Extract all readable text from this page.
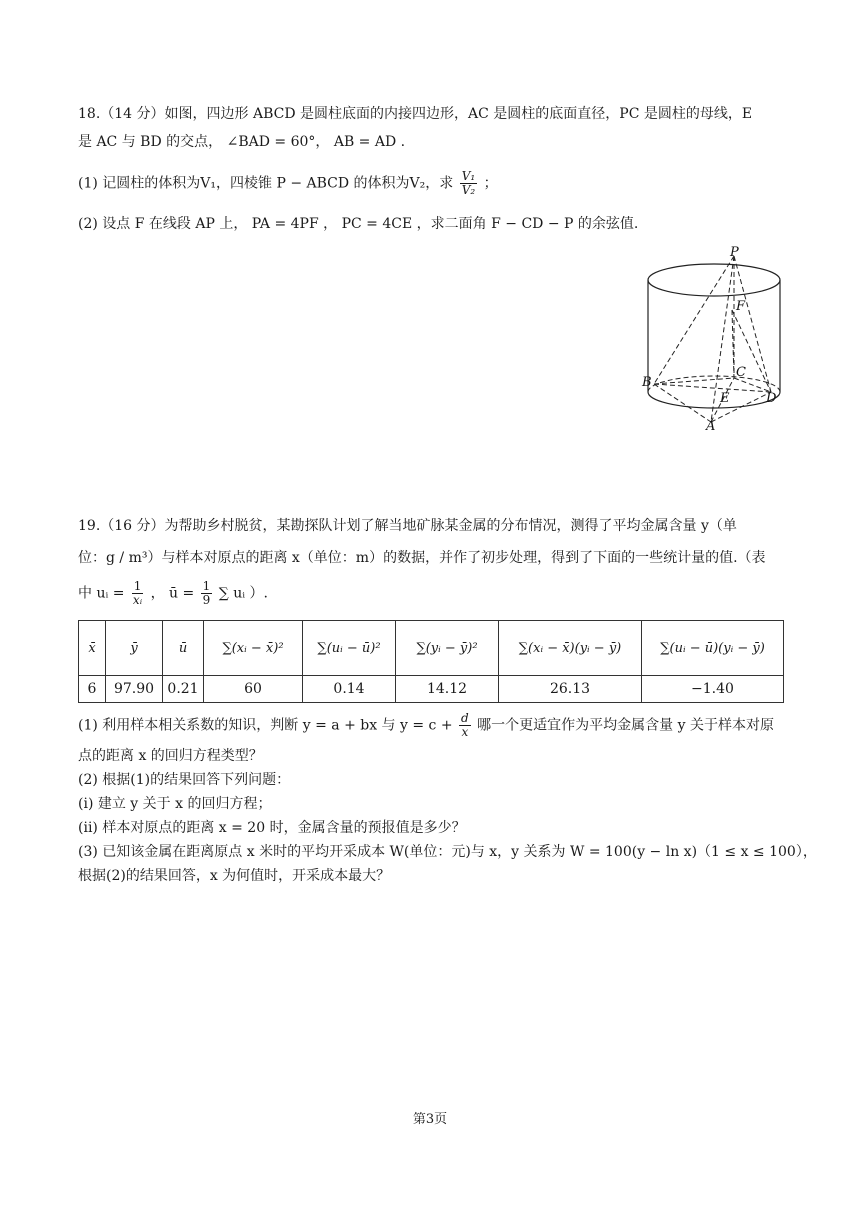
18.（14 分）如图，四边形 ABCD 是圆柱底面的内接四边形，AC 是圆柱的底面直径，PC 是圆柱的母线，E
是 AC 与 BD 的交点， ∠BAD = 60°， AB = AD .
(1) 记圆柱的体积为V₁，四棱锥 P − ABCD 的体积为V₂，求 $\frac{\text{V₁}}{\text{V₂}}$ ；
(2) 设点 F 在线段 AP 上， PA = 4PF ， PC = 4CE ，求二面角 F − CD − P 的余弦值.
P
F
C
B
E	D
A
19.（16 分）为帮助乡村脱贫，某勘探队计划了解当地矿脉某金属的分布情况，测得了平均金属含量 y（单
位：g / m³）与样本对原点的距离 x（单位：m）的数据，并作了初步处理，得到了下面的一些统计量的值.（表
中 uᵢ = $\frac{1}{\text{xᵢ}}$ ， ū = $\frac{1}{9}$ ∑ uᵢ ）.
x̄	ȳ	ū	∑(xᵢ − x̄)²	∑(uᵢ − ū)²	∑(yᵢ − ȳ)²	∑(xᵢ − x̄)(yᵢ − ȳ)	∑(uᵢ − ū)(yᵢ − ȳ)
6	97.90	0.21	60	0.14	14.12	26.13	−1.40
(1) 利用样本相关系数的知识，判断 y = a + bx 与 $y = c + \frac{d}{x}$ 哪一个更适宜作为平均金属含量 y 关于样本对原
点的距离 x 的回归方程类型？
(2) 根据(1)的结果回答下列问题：
(i) 建立 y 关于 x 的回归方程；
(ii) 样本对原点的距离 x = 20 时，金属含量的预报值是多少？
(3) 已知该金属在距离原点 x 米时的平均开采成本 W(单位：元)与 x，y 关系为 W = 100(y − ln x)（1 ≤ x ≤ 100），
根据(2)的结果回答，x 为何值时，开采成本最大？
第3页
